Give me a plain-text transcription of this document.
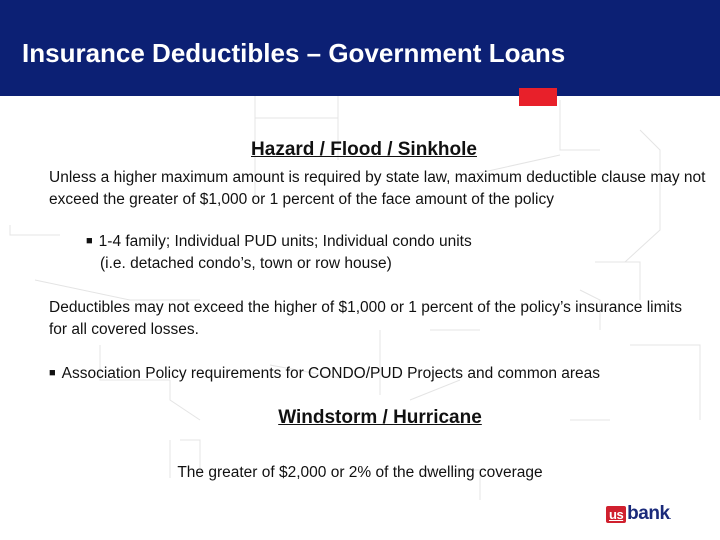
Insurance Deductibles – Government Loans
Hazard / Flood / Sinkhole

Unless a higher maximum amount is required by state law, maximum deductible clause may not exceed the greater of $1,000 or 1 percent of the face amount of the policy

■ 1-4 family; Individual PUD units; Individual condo units
(i.e. detached condo’s, town or row house)

Deductibles may not exceed the higher of $1,000 or 1 percent of the policy’s insurance limits for all covered losses.

■ Association Policy requirements for CONDO/PUD Projects and common areas
Windstorm / Hurricane

The greater of $2,000 or 2% of the dwelling coverage

us bank .
